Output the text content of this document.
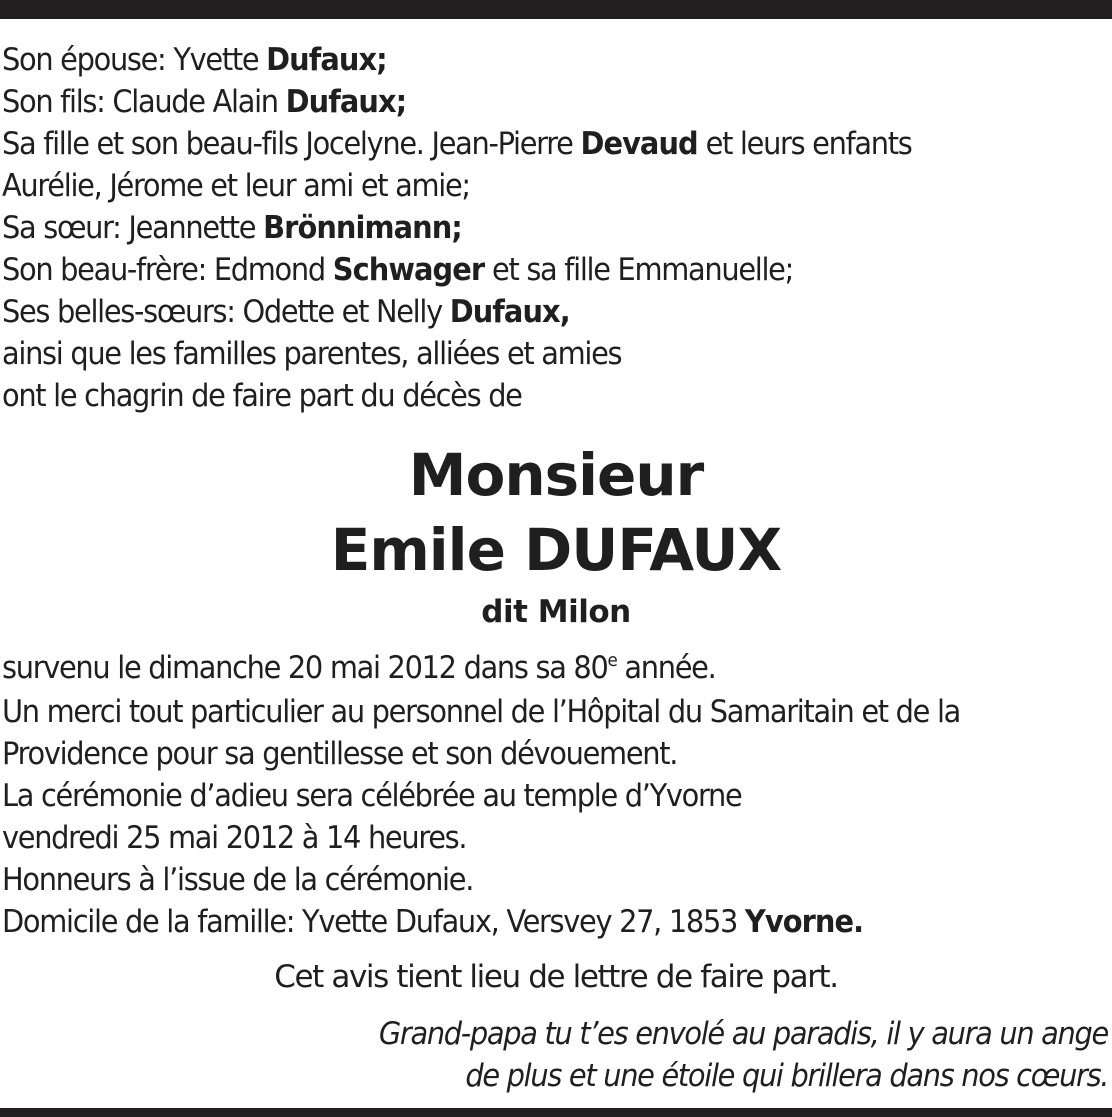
Son épouse: Yvette Dufaux;
Son fils: Claude Alain Dufaux;
Sa fille et son beau-fils Jocelyne. Jean-Pierre Devaud et leurs enfants
Aurélie, Jérome et leur ami et amie;
Sa sœur: Jeannette Brönnimann;
Son beau-frère: Edmond Schwager et sa fille Emmanuelle;
Ses belles-sœurs: Odette et Nelly Dufaux,
ainsi que les familles parentes, alliées et amies
ont le chagrin de faire part du décès de
Monsieur
Emile DUFAUX
dit Milon
survenu le dimanche 20 mai 2012 dans sa 80e année.
Un merci tout particulier au personnel de l’Hôpital du Samaritain et de la
Providence pour sa gentillesse et son dévouement.
La cérémonie d’adieu sera célébrée au temple d’Yvorne
vendredi 25 mai 2012 à 14 heures.
Honneurs à l’issue de la cérémonie.
Domicile de la famille: Yvette Dufaux, Versvey 27, 1853 Yvorne.
Cet avis tient lieu de lettre de faire part.
Grand-papa tu t’es envolé au paradis, il y aura un ange
de plus et une étoile qui brillera dans nos cœurs.
